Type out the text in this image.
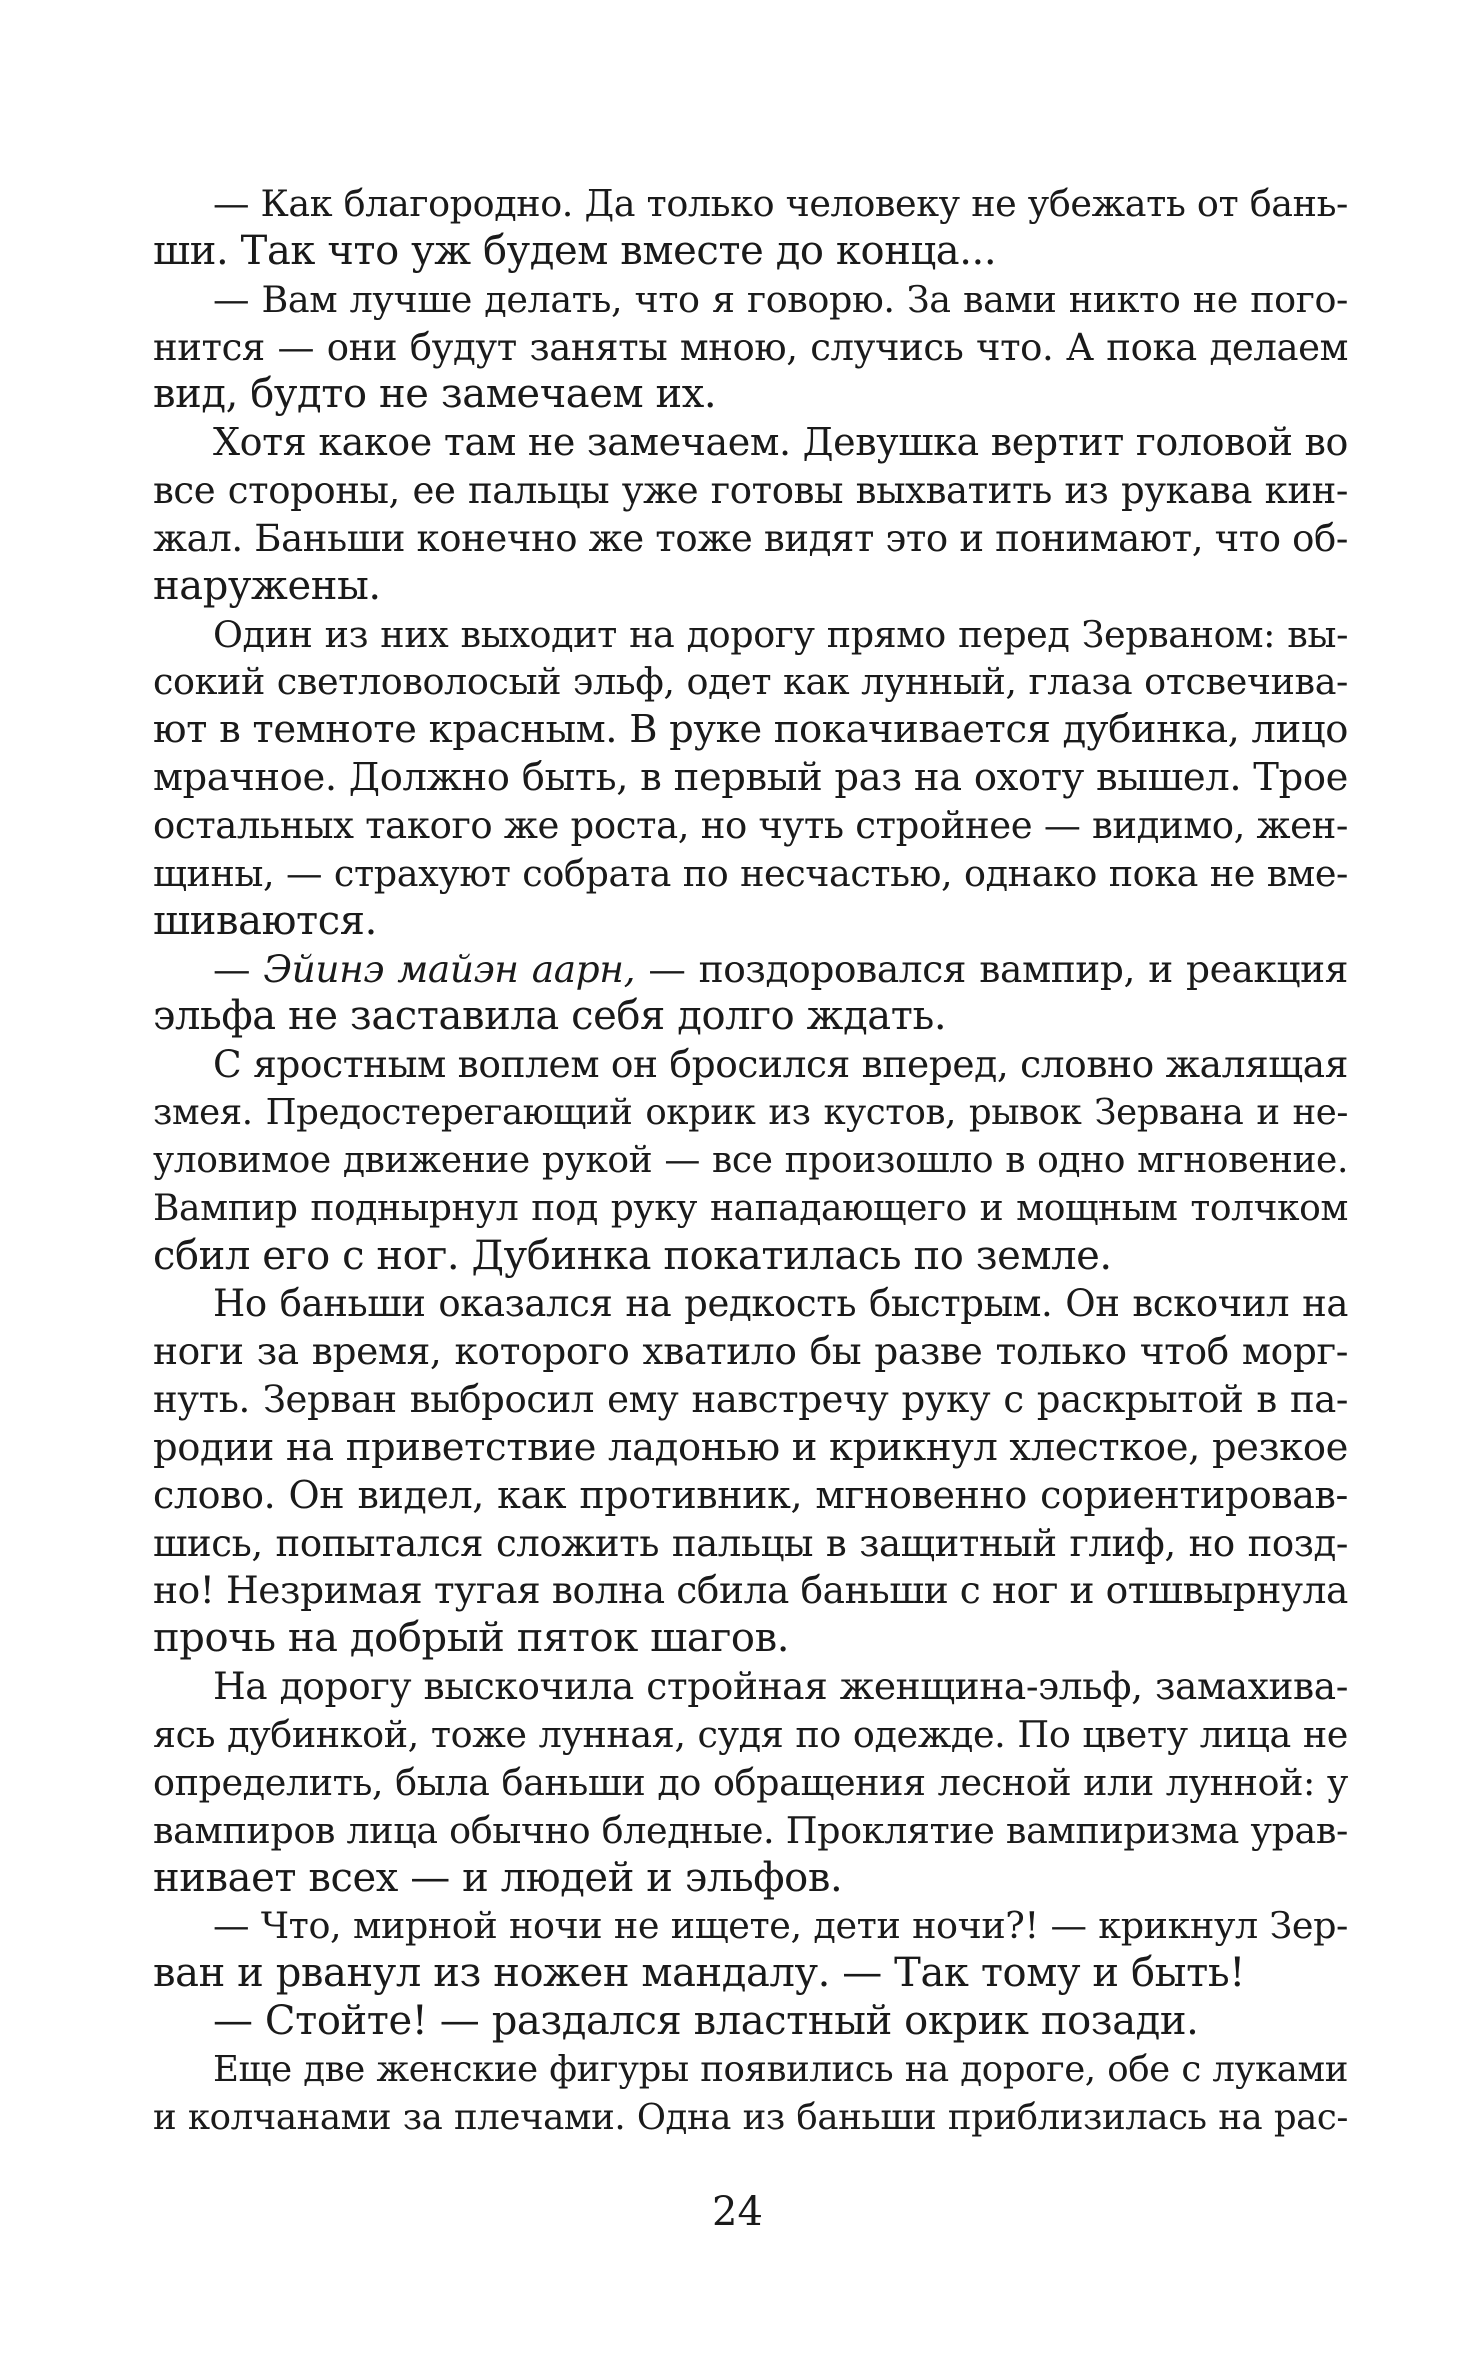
— Как благородно. Да только человеку не убежать от бань-
ши. Так что уж будем вместе до конца...
— Вам лучше делать, что я говорю. За вами никто не пого-
нится — они будут заняты мною, случись что. А пока делаем
вид, будто не замечаем их.
Хотя какое там не замечаем. Девушка вертит головой во
все стороны, ее пальцы уже готовы выхватить из рукава кин-
жал. Баньши конечно же тоже видят это и понимают, что об-
наружены.
Один из них выходит на дорогу прямо перед Зерваном: вы-
сокий светловолосый эльф, одет как лунный, глаза отсвечива-
ют в темноте красным. В руке покачивается дубинка, лицо
мрачное. Должно быть, в первый раз на охоту вышел. Трое
остальных такого же роста, но чуть стройнее — видимо, жен-
щины, — страхуют собрата по несчастью, однако пока не вме-
шиваются.
— Эйинэ майэн аарн, — поздоровался вампир, и реакция
эльфа не заставила себя долго ждать.
С яростным воплем он бросился вперед, словно жалящая
змея. Предостерегающий окрик из кустов, рывок Зервана и не-
уловимое движение рукой — все произошло в одно мгновение.
Вампир поднырнул под руку нападающего и мощным толчком
сбил его с ног. Дубинка покатилась по земле.
Но баньши оказался на редкость быстрым. Он вскочил на
ноги за время, которого хватило бы разве только чтоб морг-
нуть. Зерван выбросил ему навстречу руку с раскрытой в па-
родии на приветствие ладонью и крикнул хлесткое, резкое
слово. Он видел, как противник, мгновенно сориентировав-
шись, попытался сложить пальцы в защитный глиф, но позд-
но! Незримая тугая волна сбила баньши с ног и отшвырнула
прочь на добрый пяток шагов.
На дорогу выскочила стройная женщина-эльф, замахива-
ясь дубинкой, тоже лунная, судя по одежде. По цвету лица не
определить, была баньши до обращения лесной или лунной: у
вампиров лица обычно бледные. Проклятие вампиризма урав-
нивает всех — и людей и эльфов.
— Что, мирной ночи не ищете, дети ночи?! — крикнул Зер-
ван и рванул из ножен мандалу. — Так тому и быть!
— Стойте! — раздался властный окрик позади.
Еще две женские фигуры появились на дороге, обе с луками
и колчанами за плечами. Одна из баньши приблизилась на рас-
24
